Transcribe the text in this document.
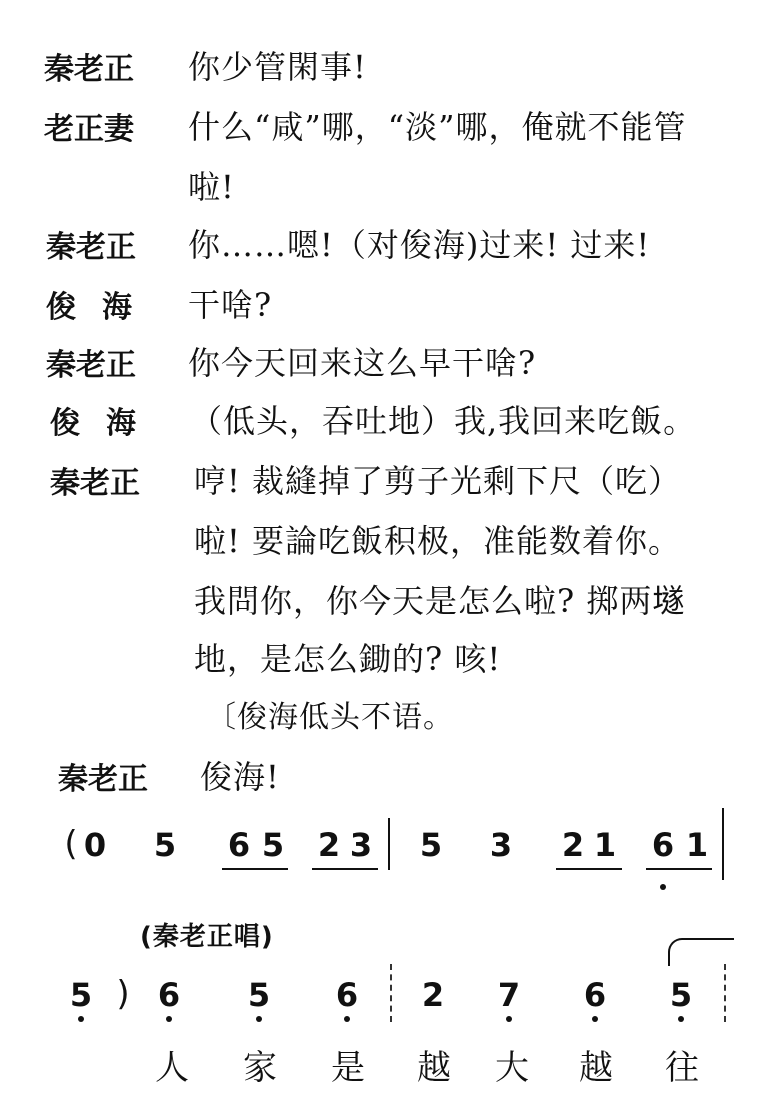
秦老正 你少管閑事!
老正妻 什么“咸”哪，“淡”哪，俺就不能管
啦!
秦老正 你……嗯!（对俊海)过来! 过来!
俊海 干啥?
秦老正 你今天回来这么早干啥?
俊海 （低头，吞吐地）我,我回来吃飯。
秦老正 哼! 裁縫掉了剪子光剩下尺（吃）
啦! 要論吃飯积极，准能数着你。
我問你，你今天是怎么啦? 掷两𡑞
地，是怎么鋤的? 咳!
〔俊海低头不语。
秦老正 俊海!
( 0 5 6 5 2 3 5 3 2 1 6 1
(秦老正唱)
5 ) 6 5 6 2 7 6 5
人 家 是 越 大 越 往
